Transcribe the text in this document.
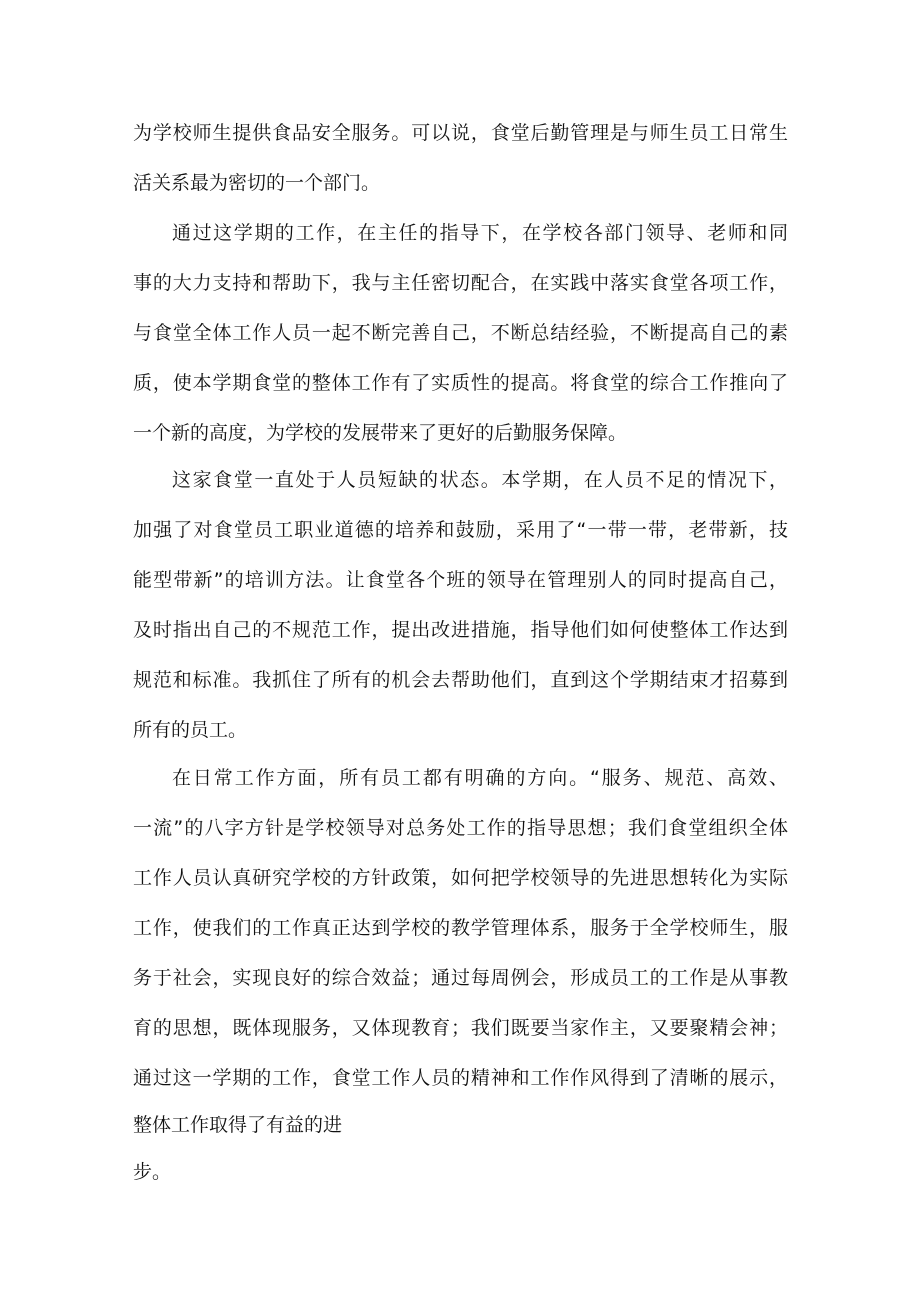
为学校师生提供食品安全服务。可以说，食堂后勤管理是与师生员工日常生
活关系最为密切的一个部门。
通过这学期的工作，在主任的指导下，在学校各部门领导、老师和同
事的大力支持和帮助下，我与主任密切配合，在实践中落实食堂各项工作，
与食堂全体工作人员一起不断完善自己，不断总结经验，不断提高自己的素
质，使本学期食堂的整体工作有了实质性的提高。将食堂的综合工作推向了
一个新的高度，为学校的发展带来了更好的后勤服务保障。
这家食堂一直处于人员短缺的状态。本学期，在人员不足的情况下，
加强了对食堂员工职业道德的培养和鼓励，采用了“一带一带，老带新，技
能型带新”的培训方法。让食堂各个班的领导在管理别人的同时提高自己，
及时指出自己的不规范工作，提出改进措施，指导他们如何使整体工作达到
规范和标准。我抓住了所有的机会去帮助他们，直到这个学期结束才招募到
所有的员工。
在日常工作方面，所有员工都有明确的方向。“服务、规范、高效、
一流”的八字方针是学校领导对总务处工作的指导思想；我们食堂组织全体
工作人员认真研究学校的方针政策，如何把学校领导的先进思想转化为实际
工作，使我们的工作真正达到学校的教学管理体系，服务于全学校师生，服
务于社会，实现良好的综合效益；通过每周例会，形成员工的工作是从事教
育的思想，既体现服务，又体现教育；我们既要当家作主，又要聚精会神；
通过这一学期的工作，食堂工作人员的精神和工作作风得到了清晰的展示，
整体工作取得了有益的进
步。
